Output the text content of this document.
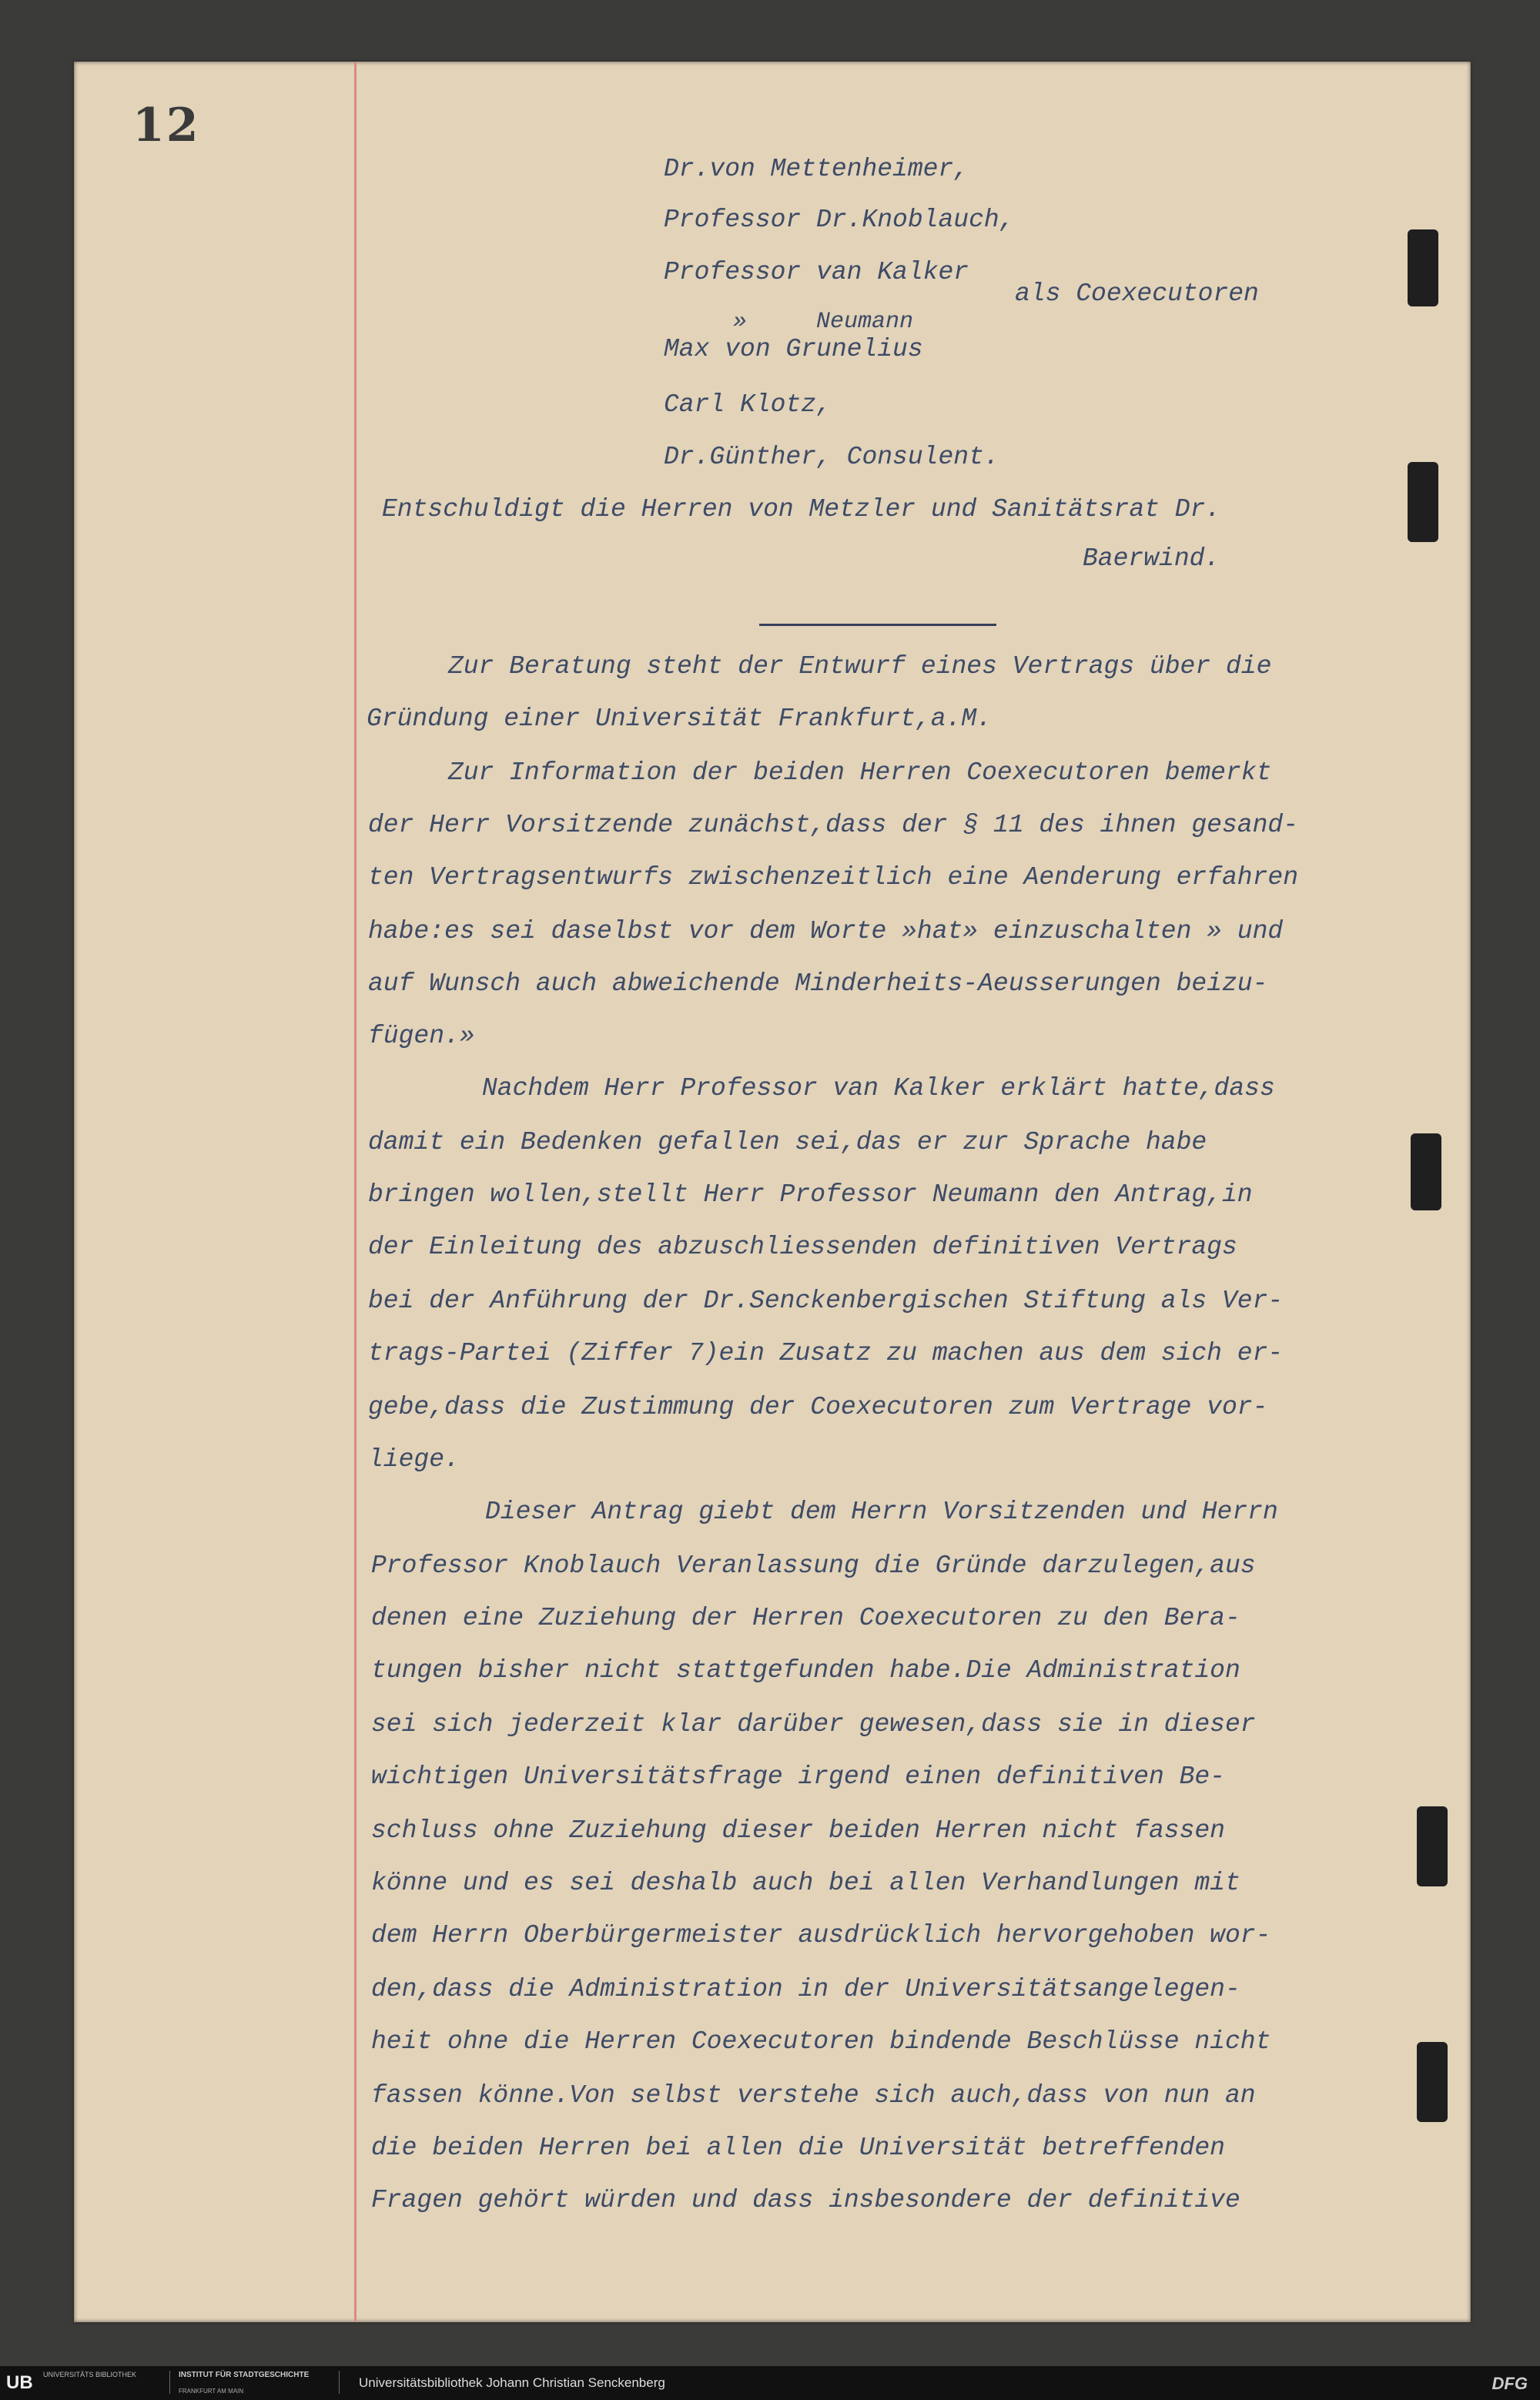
12
Dr.von Mettenheimer,
Professor Dr.Knoblauch,
Professor van Kalker
»     Neumann
Max von Grunelius
als Coexecutoren
Carl Klotz,
Dr.Günther, Consulent.
Entschuldigt die Herren von Metzler und Sanitätsrat Dr.
Baerwind.
Zur Beratung steht der Entwurf eines Vertrags über die
Gründung einer Universität Frankfurt,a.M.
Zur Information der beiden Herren Coexecutoren bemerkt
der Herr Vorsitzende zunächst,dass der § 11 des ihnen gesand-
ten Vertragsentwurfs zwischenzeitlich eine Aenderung erfahren
habe:es sei daselbst vor dem Worte »hat» einzuschalten » und
auf Wunsch auch abweichende Minderheits-Aeusserungen beizu-
fügen.»
Nachdem Herr Professor van Kalker erklärt hatte,dass
damit ein Bedenken gefallen sei,das er zur Sprache habe
bringen wollen,stellt Herr Professor Neumann den Antrag,in
der Einleitung des abzuschliessenden definitiven Vertrags
bei der Anführung der Dr.Senckenbergischen Stiftung als Ver-
trags-Partei (Ziffer 7)ein Zusatz zu machen aus dem sich er-
gebe,dass die Zustimmung der Coexecutoren zum Vertrage vor-
liege.
Dieser Antrag giebt dem Herrn Vorsitzenden und Herrn
Professor Knoblauch Veranlassung die Gründe darzulegen,aus
denen eine Zuziehung der Herren Coexecutoren zu den Bera-
tungen bisher nicht stattgefunden habe.Die Administration
sei sich jederzeit klar darüber gewesen,dass sie in dieser
wichtigen Universitätsfrage irgend einen definitiven Be-
schluss ohne Zuziehung dieser beiden Herren nicht fassen
könne und es sei deshalb auch bei allen Verhandlungen mit
dem Herrn Oberbürgermeister ausdrücklich hervorgehoben wor-
den,dass die Administration in der Universitätsangelegen-
heit ohne die Herren Coexecutoren bindende Beschlüsse nicht
fassen könne.Von selbst verstehe sich auch,dass von nun an
die beiden Herren bei allen die Universität betreffenden
Fragen gehört würden und dass insbesondere der definitive
UB UNIVERSITÄTS BIBLIOTHEK	INSTITUT FÜR STADTGESCHICHTE
FRANKFURT AM MAIN
Universitätsbibliothek Johann Christian Senckenberg	DFG
